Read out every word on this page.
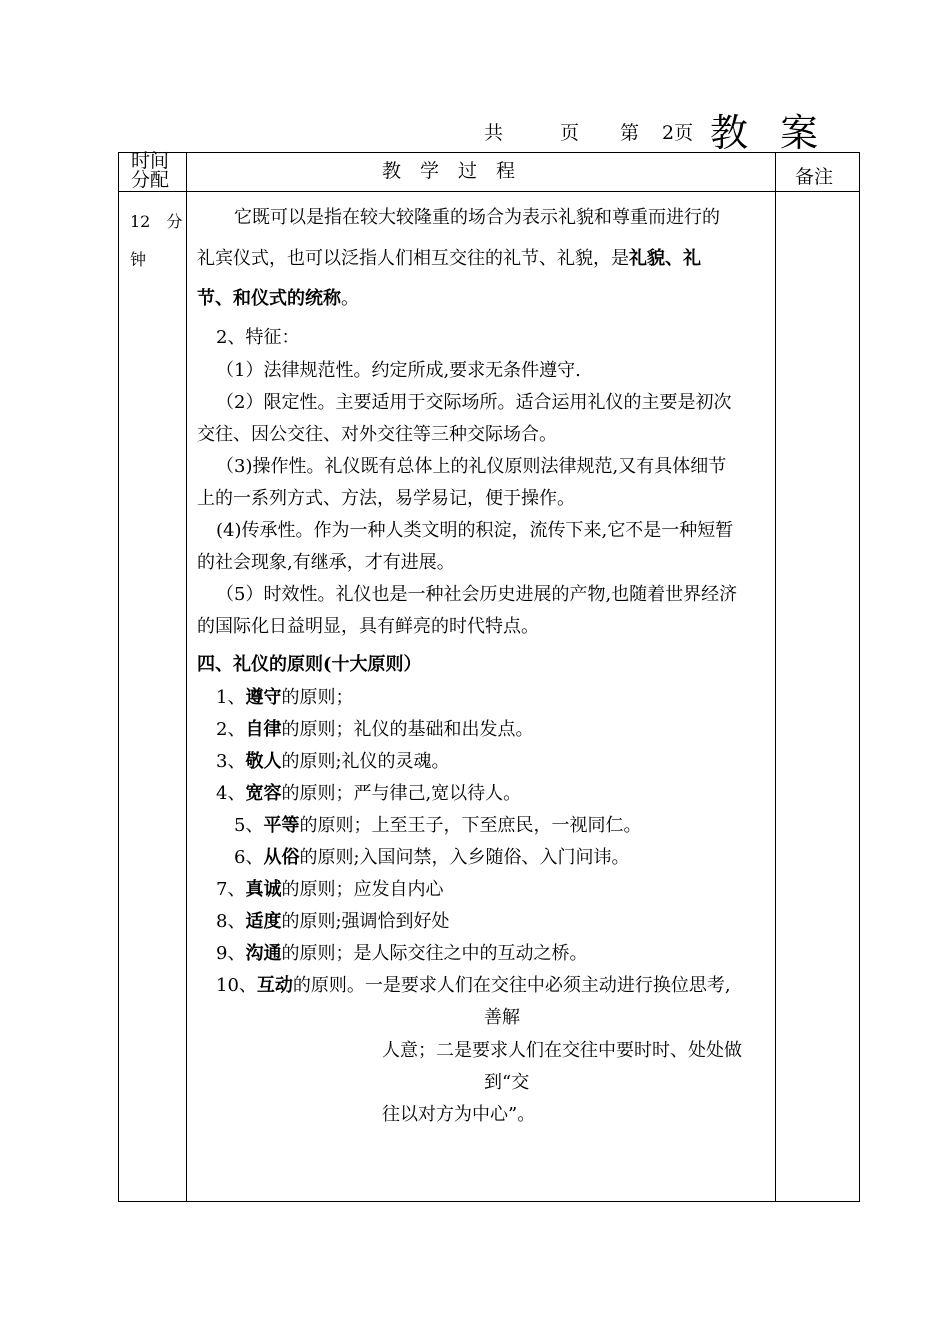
共	页 第 2页 教 案
时间
分配	教　学　过　程	备注
12　分
钟
它既可以是指在较大较隆重的场合为表示礼貌和尊重而进行的
礼宾仪式，也可以泛指人们相互交往的礼节、礼貌，是礼貌、礼
节、和仪式的统称。
2、特征：
（1）法律规范性。约定所成,要求无条件遵守.
（2）限定性。主要适用于交际场所。适合运用礼仪的主要是初次
交往、因公交往、对外交往等三种交际场合。
（3)操作性。礼仪既有总体上的礼仪原则法律规范,又有具体细节
上的一系列方式、方法，易学易记，便于操作。
(4)传承性。作为一种人类文明的积淀，流传下来,它不是一种短暂
的社会现象,有继承，才有进展。
（5）时效性。礼仪也是一种社会历史进展的产物,也随着世界经济
的国际化日益明显，具有鲜亮的时代特点。
四、礼仪的原则(十大原则）
1、遵守的原则；
2、自律的原则；礼仪的基础和出发点。
3、敬人的原则;礼仪的灵魂。
4、宽容的原则；严与律己,宽以待人。
5、平等的原则；上至王子，下至庶民，一视同仁。
6、从俗的原则;入国问禁，入乡随俗、入门问讳。
7、真诚的原则；应发自内心
8、适度的原则;强调恰到好处
9、沟通的原则；是人际交往之中的互动之桥。
10、互动的原则。一是要求人们在交往中必须主动进行换位思考,
善解
人意；二是要求人们在交往中要时时、处处做
到“交
往以对方为中心”。
